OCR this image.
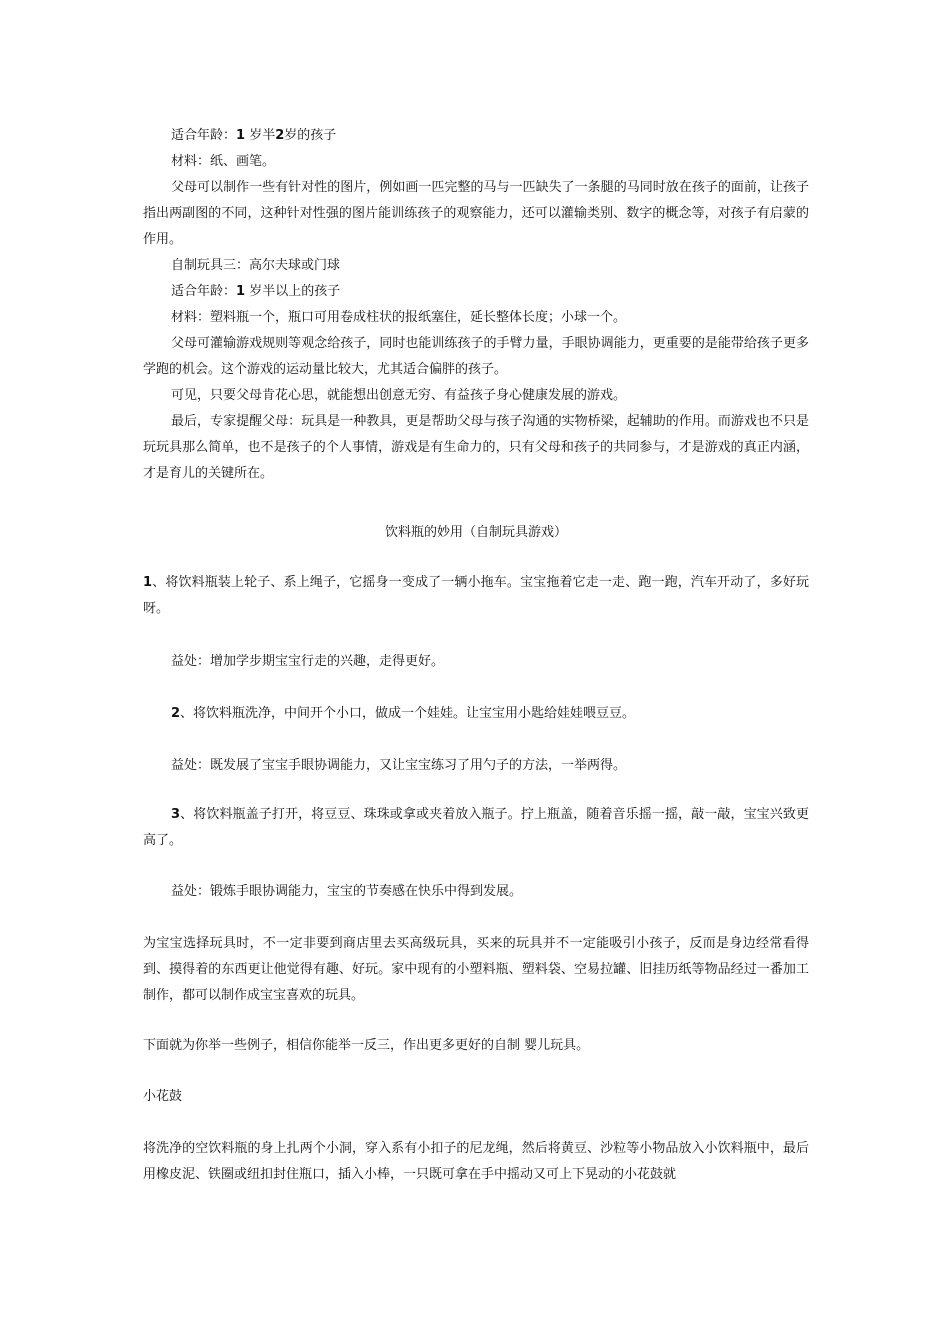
适合年龄：1 岁半2岁的孩子

材料：纸、画笔。

父母可以制作一些有针对性的图片，例如画一匹完整的马与一匹缺失了一条腿的马同时放在孩子的面前，让孩子指出两副图的不同，这种针对性强的图片能训练孩子的观察能力，还可以灌输类别、数字的概念等，对孩子有启蒙的作用。

自制玩具三：高尔夫球或门球

适合年龄：1 岁半以上的孩子

材料：塑料瓶一个，瓶口可用卷成柱状的报纸塞住，延长整体长度；小球一个。

父母可灌输游戏规则等观念给孩子，同时也能训练孩子的手臂力量，手眼协调能力，更重要的是能带给孩子更多学跑的机会。这个游戏的运动量比较大，尤其适合偏胖的孩子。

可见，只要父母肯花心思，就能想出创意无穷、有益孩子身心健康发展的游戏。

最后，专家提醒父母：玩具是一种教具，更是帮助父母与孩子沟通的实物桥梁，起辅助的作用。而游戏也不只是玩玩具那么简单，也不是孩子的个人事情，游戏是有生命力的，只有父母和孩子的共同参与，才是游戏的真正内涵，才是育儿的关键所在。

饮料瓶的妙用（自制玩具游戏）

1、将饮料瓶装上轮子、系上绳子，它摇身一变成了一辆小拖车。宝宝拖着它走一走、跑一跑，汽车开动了，多好玩呀。

益处：增加学步期宝宝行走的兴趣，走得更好。

2、将饮料瓶洗净，中间开个小口，做成一个娃娃。让宝宝用小匙给娃娃喂豆豆。

益处：既发展了宝宝手眼协调能力，又让宝宝练习了用勺子的方法，一举两得。

3、将饮料瓶盖子打开，将豆豆、珠珠或拿或夹着放入瓶子。拧上瓶盖，随着音乐摇一摇，敲一敲，宝宝兴致更高了。

益处：锻炼手眼协调能力，宝宝的节奏感在快乐中得到发展。

为宝宝选择玩具时，不一定非要到商店里去买高级玩具，买来的玩具并不一定能吸引小孩子，反而是身边经常看得到、摸得着的东西更让他觉得有趣、好玩。家中现有的小塑料瓶、塑料袋、空易拉罐、旧挂历纸等物品经过一番加工制作，都可以制作成宝宝喜欢的玩具。

下面就为你举一些例子，相信你能举一反三，作出更多更好的自制 婴儿玩具。

小花鼓

将洗净的空饮料瓶的身上扎两个小洞，穿入系有小扣子的尼龙绳，然后将黄豆、沙粒等小物品放入小饮料瓶中，最后用橡皮泥、铁圈或纽扣封住瓶口，插入小棒，一只既可拿在手中摇动又可上下晃动的小花鼓就
